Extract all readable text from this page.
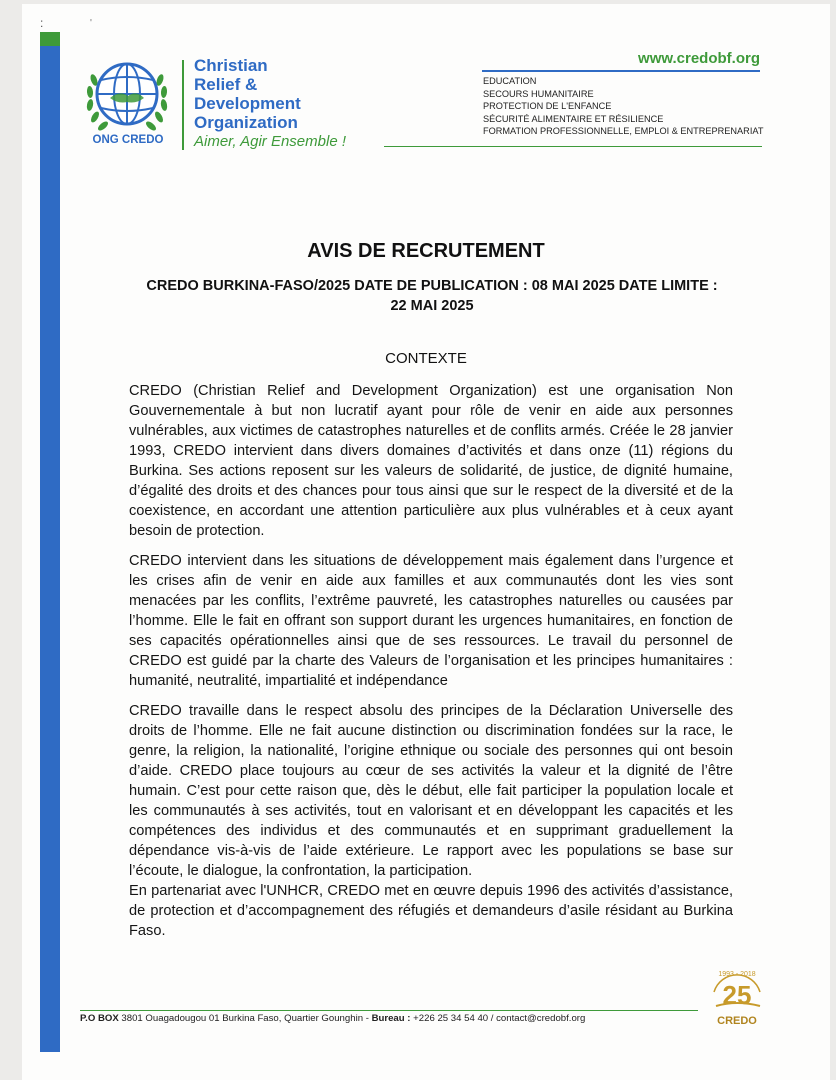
:	'
ONG CREDO
Christian
Relief &
Development
Organization
Aimer, Agir Ensemble !
www.credobf.org
EDUCATION
SECOURS HUMANITAIRE
PROTECTION DE L'ENFANCE
SÉCURITÉ ALIMENTAIRE ET RÉSILIENCE
FORMATION PROFESSIONNELLE, EMPLOI & ENTREPRENARIAT
AVIS DE RECRUTEMENT
CREDO BURKINA-FASO/2025 DATE DE PUBLICATION : 08 MAI 2025 DATE LIMITE : 22 MAI 2025
CONTEXTE

CREDO (Christian Relief and Development Organization) est une organisation Non Gouvernementale à but non lucratif ayant pour rôle de venir en aide aux personnes vulnérables, aux victimes de catastrophes naturelles et de conflits armés. Créée le 28 janvier 1993, CREDO intervient dans divers domaines d’activités et dans onze (11) régions du Burkina. Ses actions reposent sur les valeurs de solidarité, de justice, de dignité humaine, d’égalité des droits et des chances pour tous ainsi que sur le respect de la diversité et de la coexistence, en accordant une attention particulière aux plus vulnérables et à ceux ayant besoin de protection.

CREDO intervient dans les situations de développement mais également dans l’urgence et les crises afin de venir en aide aux familles et aux communautés dont les vies sont menacées par les conflits, l’extrême pauvreté, les catastrophes naturelles ou causées par l’homme. Elle le fait en offrant son support durant les urgences humanitaires, en fonction de ses capacités opérationnelles ainsi que de ses ressources. Le travail du personnel de CREDO est guidé par la charte des Valeurs de l’organisation et les principes humanitaires : humanité, neutralité, impartialité et indépendance

CREDO travaille dans le respect absolu des principes de la Déclaration Universelle des droits de l’homme. Elle ne fait aucune distinction ou discrimination fondées sur la race, le genre, la religion, la nationalité, l’origine ethnique ou sociale des personnes qui ont besoin d’aide. CREDO place toujours au cœur de ses activités la valeur et la dignité de l’être humain. C’est pour cette raison que, dès le début, elle fait participer la population locale et les communautés à ses activités, tout en valorisant et en développant les capacités et les compétences des individus et des communautés et en supprimant graduellement la dépendance vis-à-vis de l’aide extérieure. Le rapport avec les populations se base sur l’écoute, le dialogue, la confrontation, la participation.

En partenariat avec l'UNHCR, CREDO met en œuvre depuis 1996 des activités d’assistance, de protection et d’accompagnement des réfugiés et demandeurs d’asile résidant au Burkina Faso.

1993 - 2018
25
CREDO
P.O BOX 3801 Ouagadougou 01 Burkina Faso, Quartier Gounghin - Bureau : +226 25 34 54 40 / contact@credobf.org
